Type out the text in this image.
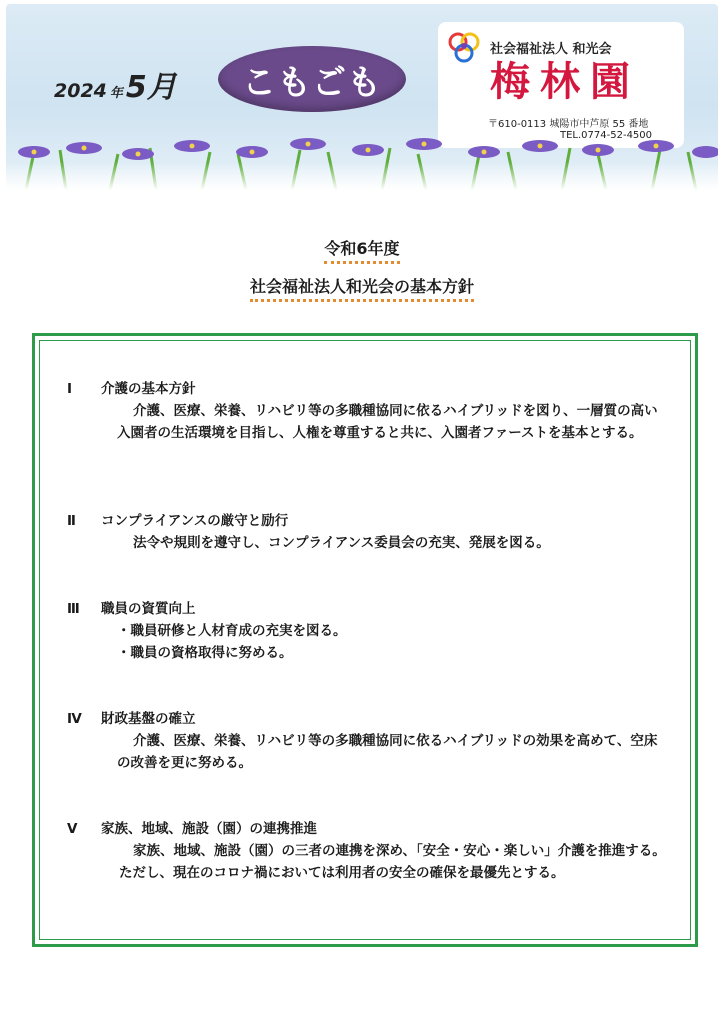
2024 年 5月 こもごも
社会福祉法人 和光会
梅林園
〒610-0113 城陽市中芦原 55 番地
TEL.0774-52-4500
令和6年度
社会福祉法人和光会の基本方針
Ⅰ 介護の基本方針
介護、医療、栄養、リハビリ等の多職種協同に依るハイブリッドを図り、一層質の高い入園者の生活環境を目指し、人権を尊重すると共に、入園者ファーストを基本とする。
Ⅱ コンプライアンスの厳守と励行
法令や規則を遵守し、コンプライアンス委員会の充実、発展を図る。
Ⅲ 職員の資質向上
・職員研修と人材育成の充実を図る。
・職員の資格取得に努める。
Ⅳ 財政基盤の確立
介護、医療、栄養、リハビリ等の多職種協同に依るハイブリッドの効果を高めて、空床の改善を更に努める。
Ⅴ 家族、地域、施設（園）の連携推進
家族、地域、施設（園）の三者の連携を深め、「安全・安心・楽しい」介護を推進する。
ただし、現在のコロナ禍においては利用者の安全の確保を最優先とする。
